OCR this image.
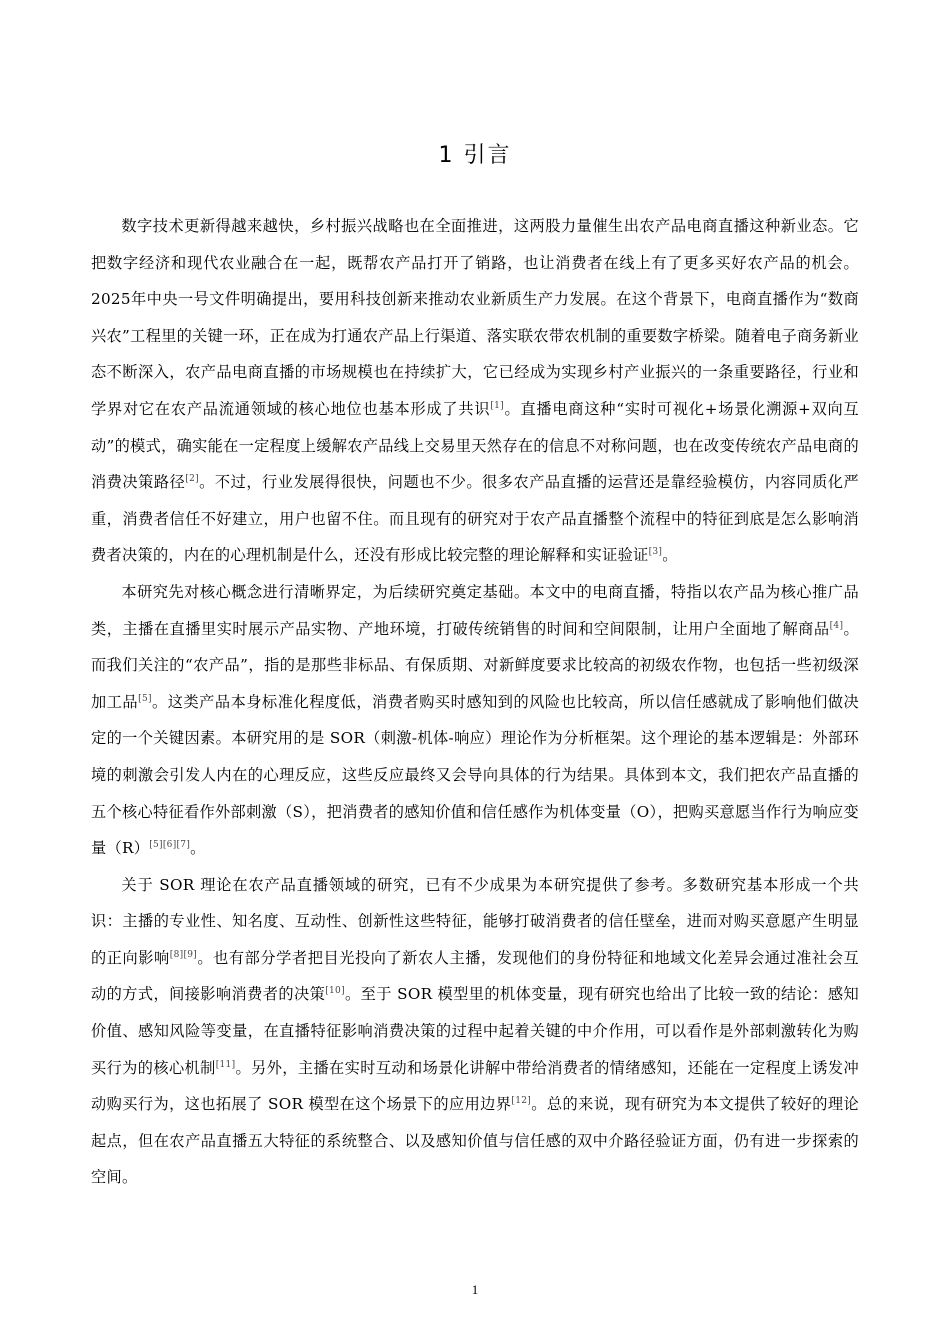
1 引言

数字技术更新得越来越快，乡村振兴战略也在全面推进，这两股力量催生出农产品电商直播这种新业态。它把数字经济和现代农业融合在一起，既帮农产品打开了销路，也让消费者在线上有了更多买好农产品的机会。2025年中央一号文件明确提出，要用科技创新来推动农业新质生产力发展。在这个背景下，电商直播作为“数商兴农”工程里的关键一环，正在成为打通农产品上行渠道、落实联农带农机制的重要数字桥梁。随着电子商务新业态不断深入，农产品电商直播的市场规模也在持续扩大，它已经成为实现乡村产业振兴的一条重要路径，行业和学界对它在农产品流通领域的核心地位也基本形成了共识[1]。直播电商这种“实时可视化+场景化溯源+双向互动”的模式，确实能在一定程度上缓解农产品线上交易里天然存在的信息不对称问题，也在改变传统农产品电商的消费决策路径[2]。不过，行业发展得很快，问题也不少。很多农产品直播的运营还是靠经验模仿，内容同质化严重，消费者信任不好建立，用户也留不住。而且现有的研究对于农产品直播整个流程中的特征到底是怎么影响消费者决策的，内在的心理机制是什么，还没有形成比较完整的理论解释和实证验证[3]。

本研究先对核心概念进行清晰界定，为后续研究奠定基础。本文中的电商直播，特指以农产品为核心推广品类，主播在直播里实时展示产品实物、产地环境，打破传统销售的时间和空间限制，让用户全面地了解商品[4]。而我们关注的“农产品”，指的是那些非标品、有保质期、对新鲜度要求比较高的初级农作物，也包括一些初级深加工品[5]。这类产品本身标准化程度低，消费者购买时感知到的风险也比较高，所以信任感就成了影响他们做决定的一个关键因素。本研究用的是 SOR（刺激-机体-响应）理论作为分析框架。这个理论的基本逻辑是：外部环境的刺激会引发人内在的心理反应，这些反应最终又会导向具体的行为结果。具体到本文，我们把农产品直播的五个核心特征看作外部刺激（S），把消费者的感知价值和信任感作为机体变量（O），把购买意愿当作行为响应变量（R）[5][6][7]。

关于 SOR 理论在农产品直播领域的研究，已有不少成果为本研究提供了参考。多数研究基本形成一个共识：主播的专业性、知名度、互动性、创新性这些特征，能够打破消费者的信任壁垒，进而对购买意愿产生明显的正向影响[8][9]。也有部分学者把目光投向了新农人主播，发现他们的身份特征和地域文化差异会通过准社会互动的方式，间接影响消费者的决策[10]。至于 SOR 模型里的机体变量，现有研究也给出了比较一致的结论：感知价值、感知风险等变量，在直播特征影响消费决策的过程中起着关键的中介作用，可以看作是外部刺激转化为购买行为的核心机制[11]。另外，主播在实时互动和场景化讲解中带给消费者的情绪感知，还能在一定程度上诱发冲动购买行为，这也拓展了 SOR 模型在这个场景下的应用边界[12]。总的来说，现有研究为本文提供了较好的理论起点，但在农产品直播五大特征的系统整合、以及感知价值与信任感的双中介路径验证方面，仍有进一步探索的空间。

1
